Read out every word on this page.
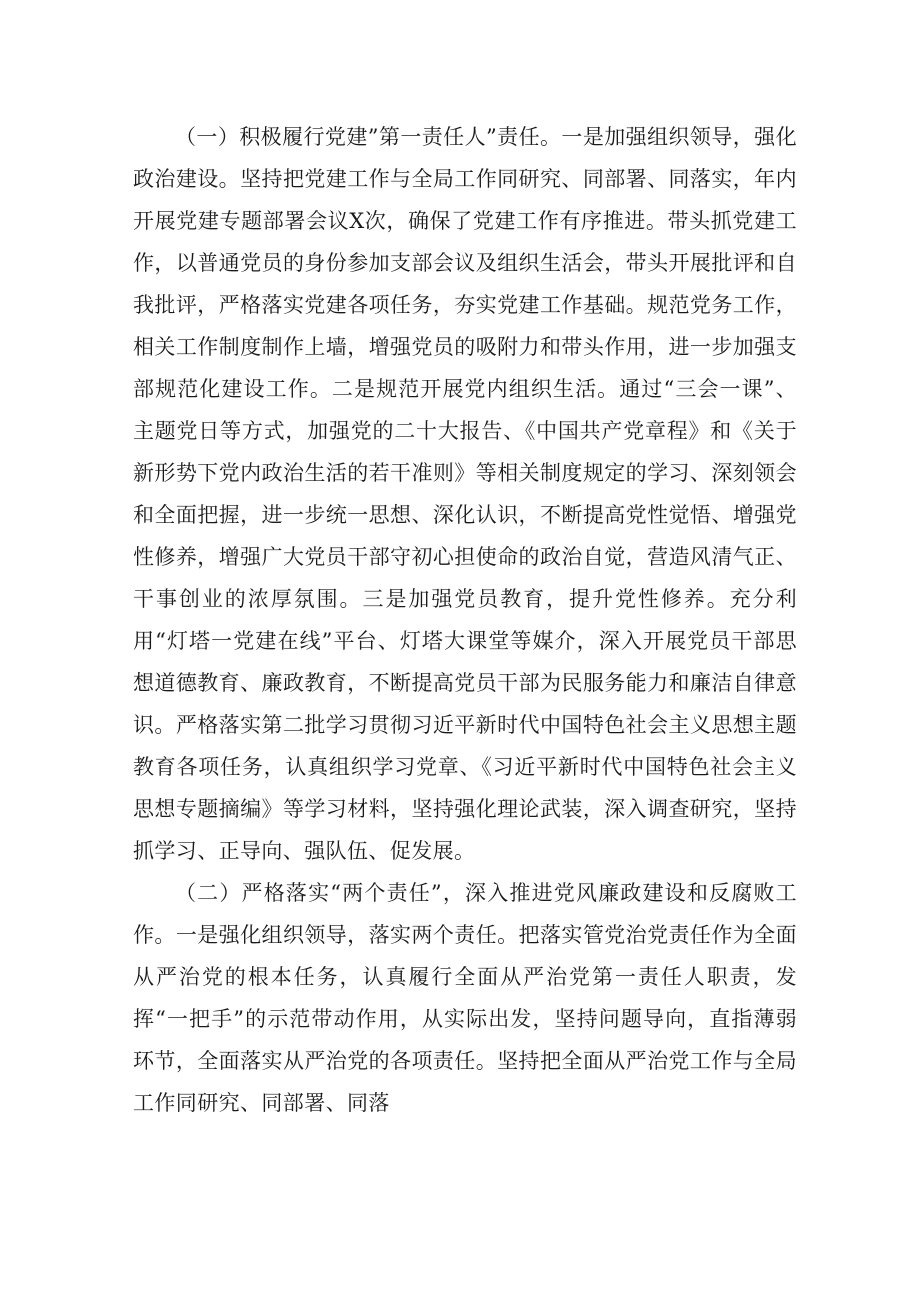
（一）积极履行党建”第一责任人”责任。一是加强组织领导，强化政治建设。坚持把党建工作与全局工作同研究、同部署、同落实，年内开展党建专题部署会议X次，确保了党建工作有序推进。带头抓党建工作，以普通党员的身份参加支部会议及组织生活会，带头开展批评和自我批评，严格落实党建各项任务，夯实党建工作基础。规范党务工作，相关工作制度制作上墙，增强党员的吸附力和带头作用，进一步加强支部规范化建设工作。二是规范开展党内组织生活。通过“三会一课”、主题党日等方式，加强党的二十大报告、《中国共产党章程》和《关于新形势下党内政治生活的若干准则》等相关制度规定的学习、深刻领会和全面把握，进一步统一思想、深化认识，不断提高党性觉悟、增强党性修养，增强广大党员干部守初心担使命的政治自觉，营造风清气正、干事创业的浓厚氛围。三是加强党员教育，提升党性修养。充分利用“灯塔一党建在线”平台、灯塔大课堂等媒介，深入开展党员干部思想道德教育、廉政教育，不断提高党员干部为民服务能力和廉洁自律意识。严格落实第二批学习贯彻习近平新时代中国特色社会主义思想主题教育各项任务，认真组织学习党章、《习近平新时代中国特色社会主义思想专题摘编》等学习材料，坚持强化理论武装，深入调查研究，坚持抓学习、正导向、强队伍、促发展。

（二）严格落实“两个责任”，深入推进党风廉政建设和反腐败工作。一是强化组织领导，落实两个责任。把落实管党治党责任作为全面从严治党的根本任务，认真履行全面从严治党第一责任人职责，发挥“一把手”的示范带动作用，从实际出发，坚持问题导向，直指薄弱环节，全面落实从严治党的各项责任。坚持把全面从严治党工作与全局工作同研究、同部署、同落
